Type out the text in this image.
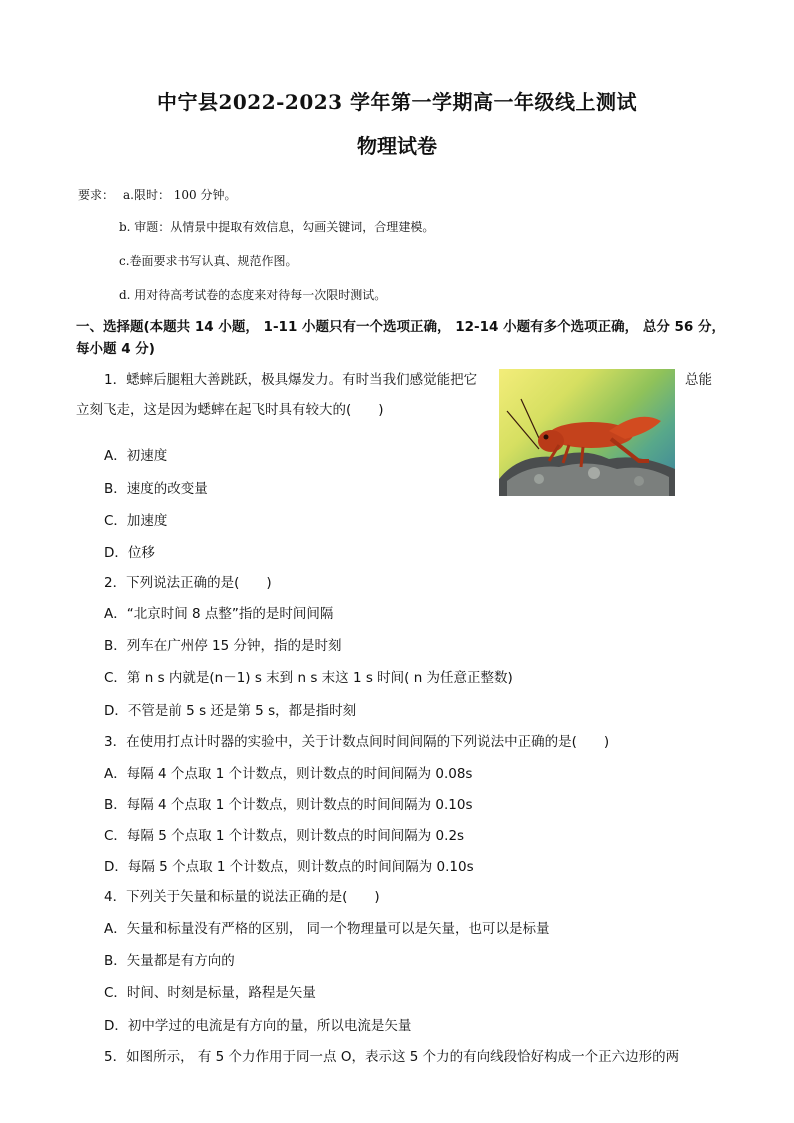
中宁县2022-2023 学年第一学期高一年级线上测试
物理试卷
要求： a.限时： 100 分钟。
b. 审题：从情景中提取有效信息，勾画关键词，合理建模。
c.卷面要求书写认真、规范作图。
d. 用对待高考试卷的态度来对待每一次限时测试。
一、选择题(本题共 14 小题， 1-11 小题只有一个选项正确， 12-14 小题有多个选项正确， 总分 56 分，每小题 4 分)
1．蟋蟀后腿粗大善跳跃，极具爆发力。有时当我们感觉能把它	总能
立刻飞走，这是因为蟋蟀在起飞时具有较大的(　　)
A．初速度
B．速度的改变量
C．加速度
D．位移
2．下列说法正确的是(　　)
A．“北京时间 8 点整”指的是时间间隔
B．列车在广州停 15 分钟，指的是时刻
C．第 n s 内就是(n－1) s 末到 n s 末这 1 s 时间( n 为任意正整数)
D．不管是前 5 s 还是第 5 s，都是指时刻
3．在使用打点计时器的实验中，关于计数点间时间间隔的下列说法中正确的是(　　)
A．每隔 4 个点取 1 个计数点，则计数点的时间间隔为 0.08s
B．每隔 4 个点取 1 个计数点，则计数点的时间间隔为 0.10s
C．每隔 5 个点取 1 个计数点，则计数点的时间间隔为 0.2s
D．每隔 5 个点取 1 个计数点，则计数点的时间间隔为 0.10s
4．下列关于矢量和标量的说法正确的是(　　)
A．矢量和标量没有严格的区别， 同一个物理量可以是矢量，也可以是标量
B．矢量都是有方向的
C．时间、时刻是标量，路程是矢量
D．初中学过的电流是有方向的量，所以电流是矢量
5．如图所示， 有 5 个力作用于同一点 O，表示这 5 个力的有向线段恰好构成一个正六边形的两
